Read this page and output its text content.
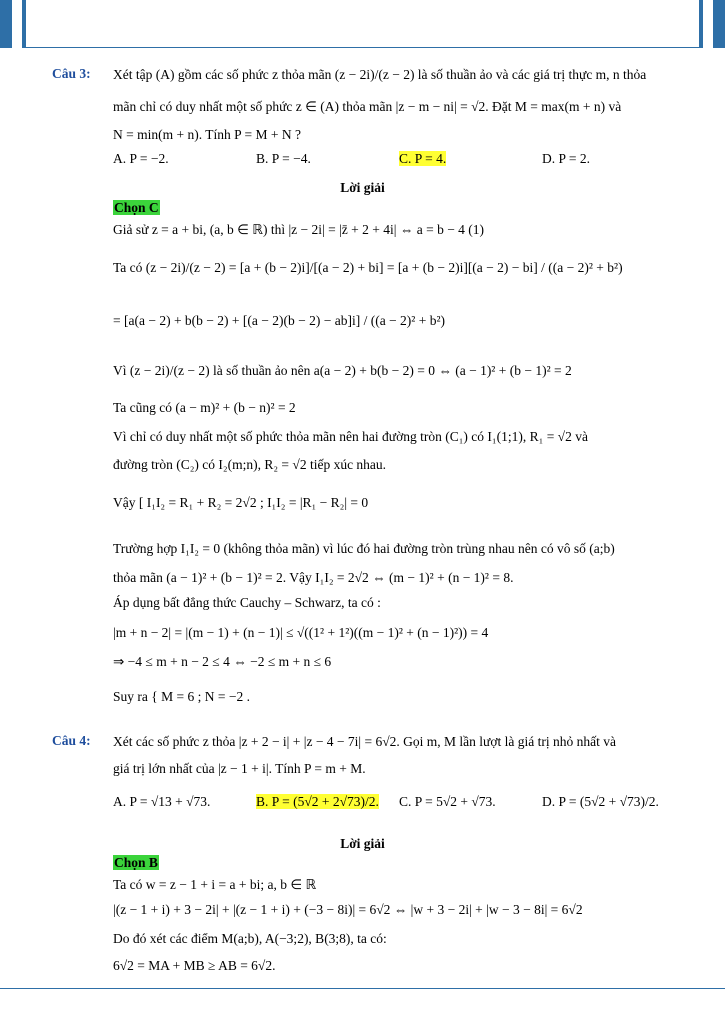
Câu 3: Xét tập (A) gồm các số phức z thỏa mãn (z − 2i)/(z − 2) là số thuần ảo và các giá trị thực m, n thỏa
mãn chỉ có duy nhất một số phức z ∈ (A) thỏa mãn |z − m − ni| = √2. Đặt M = max(m + n) và
N = min(m + n). Tính P = M + N ?
A. P = −2.	B. P = −4.	C. P = 4.	D. P = 2.
Lời giải
Chọn C
Giả sử z = a + bi, (a, b ∈ ℝ) thì |z − 2i| = |z̄ + 2 + 4i| ⇔ a = b − 4 (1)
Ta có (z − 2i)/(z − 2) = [a + (b − 2)i]/[(a − 2) + bi] = [a + (b − 2)i][(a − 2) − bi] / ((a − 2)² + b²)
= [a(a − 2) + b(b − 2) + [(a − 2)(b − 2) − ab]i] / ((a − 2)² + b²)
Vì (z − 2i)/(z − 2) là số thuần ảo nên a(a − 2) + b(b − 2) = 0 ⇔ (a − 1)² + (b − 1)² = 2
Ta cũng có (a − m)² + (b − n)² = 2
Vì chỉ có duy nhất một số phức thỏa mãn nên hai đường tròn (C₁) có I₁(1;1), R₁ = √2 và
đường tròn (C₂) có I₂(m;n), R₂ = √2 tiếp xúc nhau.
Vậy [ I₁I₂ = R₁ + R₂ = 2√2 ; I₁I₂ = |R₁ − R₂| = 0
Trường hợp I₁I₂ = 0 (không thỏa mãn) vì lúc đó hai đường tròn trùng nhau nên có vô số (a;b)
thỏa mãn (a − 1)² + (b − 1)² = 2. Vậy I₁I₂ = 2√2 ⇔ (m − 1)² + (n − 1)² = 8.
Áp dụng bất đẳng thức Cauchy – Schwarz, ta có :
|m + n − 2| = |(m − 1) + (n − 1)| ≤ √((1² + 1²)((m − 1)² + (n − 1)²)) = 4
⇒ −4 ≤ m + n − 2 ≤ 4 ⇔ −2 ≤ m + n ≤ 6
Suy ra { M = 6 ; N = −2 .
Câu 4: Xét các số phức z thỏa |z + 2 − i| + |z − 4 − 7i| = 6√2. Gọi m, M lần lượt là giá trị nhỏ nhất và
giá trị lớn nhất của |z − 1 + i|. Tính P = m + M.
A. P = √13 + √73.	B. P = (5√2 + 2√73)/2.	C. P = 5√2 + √73.	D. P = (5√2 + √73)/2.
Lời giải
Chọn B
Ta có w = z − 1 + i = a + bi; a, b ∈ ℝ
|(z − 1 + i) + 3 − 2i| + |(z − 1 + i) + (−3 − 8i)| = 6√2 ⇔ |w + 3 − 2i| + |w − 3 − 8i| = 6√2
Do đó xét các điểm M(a;b), A(−3;2), B(3;8), ta có:
6√2 = MA + MB ≥ AB = 6√2.
